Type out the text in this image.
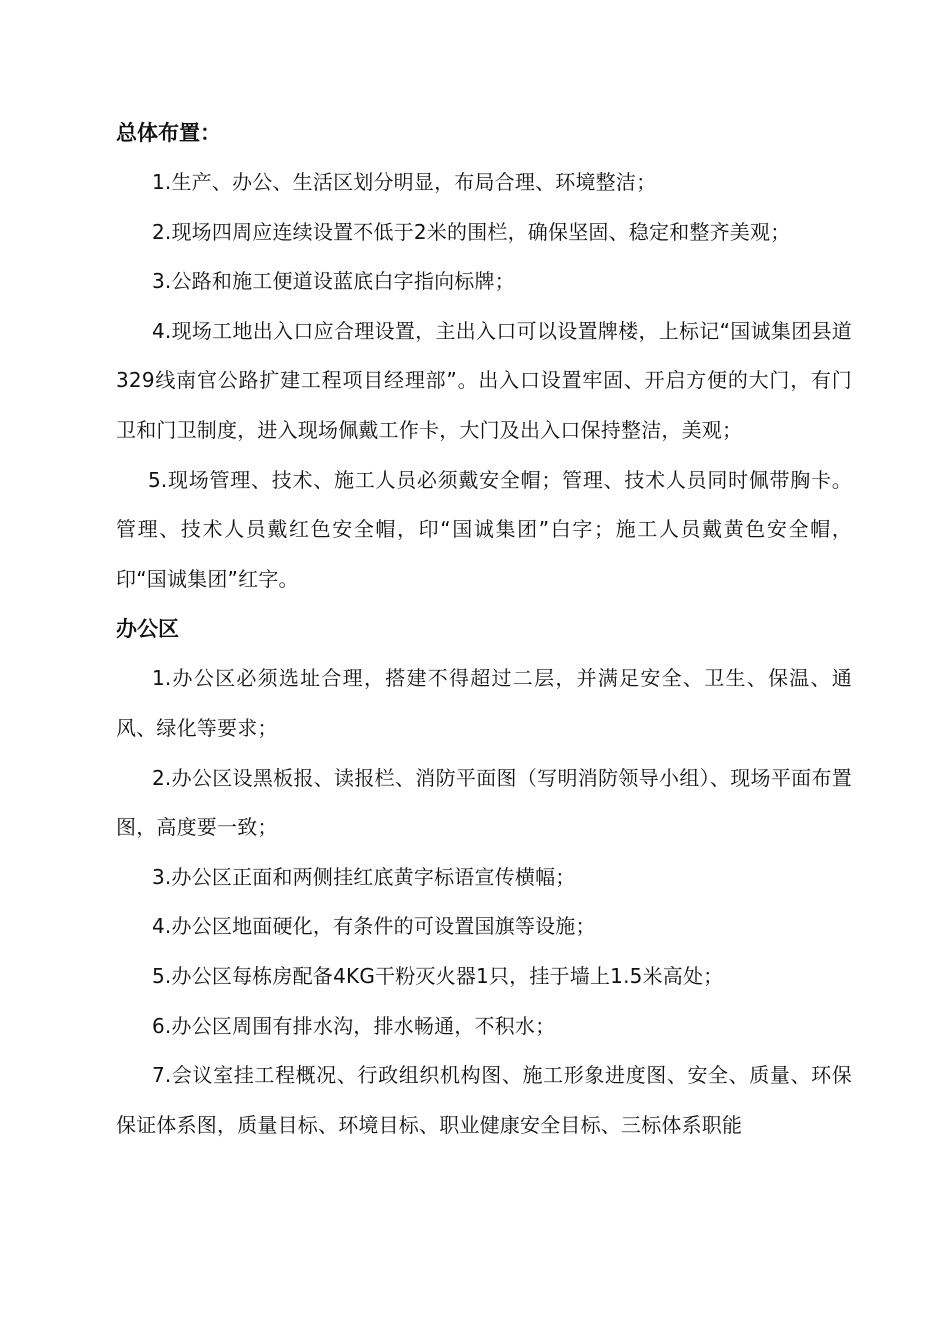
总体布置：

1.生产、办公、生活区划分明显，布局合理、环境整洁；

2.现场四周应连续设置不低于2米的围栏，确保坚固、稳定和整齐美观；

3.公路和施工便道设蓝底白字指向标牌；

4.现场工地出入口应合理设置，主出入口可以设置牌楼，上标记“国诚集团县道329线南官公路扩建工程项目经理部”。出入口设置牢固、开启方便的大门，有门卫和门卫制度，进入现场佩戴工作卡，大门及出入口保持整洁，美观；

5.现场管理、技术、施工人员必须戴安全帽；管理、技术人员同时佩带胸卡。 管理、技术人员戴红色安全帽，印“国诚集团”白字；施工人员戴黄色安全帽，印“国诚集团”红字。

办公区

1.办公区必须选址合理，搭建不得超过二层，并满足安全、卫生、保温、通风、绿化等要求；

2.办公区设黑板报、读报栏、消防平面图（写明消防领导小组）、现场平面布置图，高度要一致；

3.办公区正面和两侧挂红底黄字标语宣传横幅；

4.办公区地面硬化，有条件的可设置国旗等设施；

5.办公区每栋房配备4KG干粉灭火器1只，挂于墙上1.5米高处；

6.办公区周围有排水沟，排水畅通，不积水；

7.会议室挂工程概况、行政组织机构图、施工形象进度图、安全、质量、环保保证体系图，质量目标、环境目标、职业健康安全目标、三标体系职能
